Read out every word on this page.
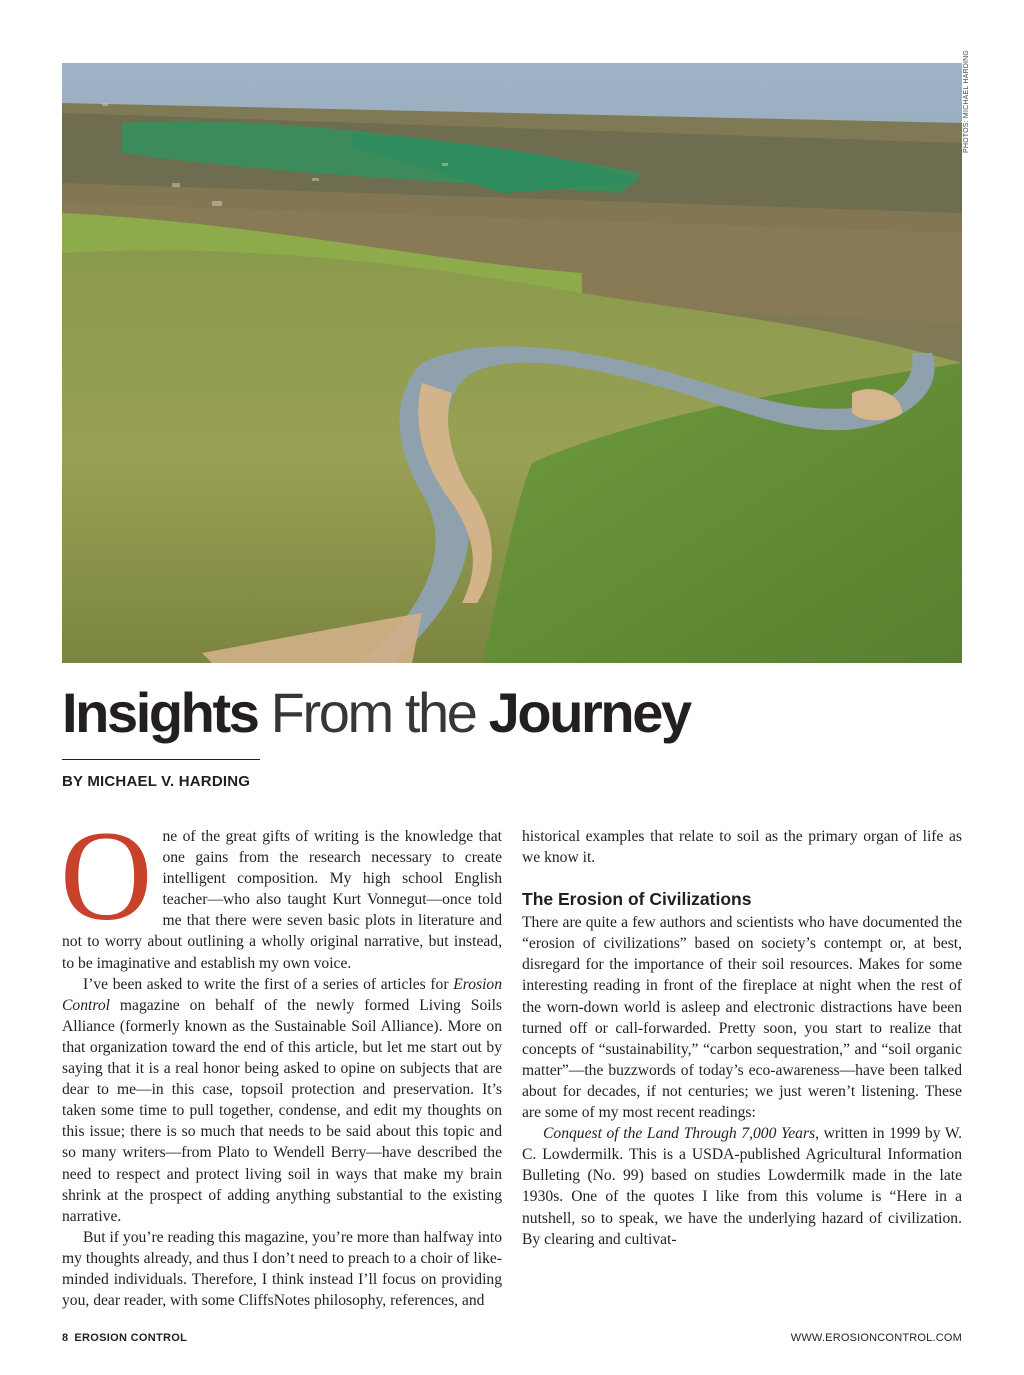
PHOTOS: MICHAEL HARDING
Insights From the Journey
BY MICHAEL V. HARDING

One of the great gifts of writing is the knowledge that one gains from the research necessary to create intelligent composition. My high school English teacher—who also taught Kurt Vonnegut—once told me that there were seven basic plots in literature and not to worry about outlining a wholly original narrative, but instead, to be imaginative and establish my own voice.

I’ve been asked to write the first of a series of articles for Erosion Control magazine on behalf of the newly formed Living Soils Alliance (formerly known as the Sustainable Soil Alliance). More on that organization toward the end of this article, but let me start out by saying that it is a real honor being asked to opine on subjects that are dear to me—in this case, topsoil protection and preservation. It’s taken some time to pull together, condense, and edit my thoughts on this issue; there is so much that needs to be said about this topic and so many writers—from Plato to Wendell Berry—have described the need to respect and protect living soil in ways that make my brain shrink at the prospect of adding anything substantial to the existing narrative.

But if you’re reading this magazine, you’re more than halfway into my thoughts already, and thus I don’t need to preach to a choir of like-minded individuals. Therefore, I think instead I’ll focus on providing you, dear reader, with some CliffsNotes philosophy, references, and

historical examples that relate to soil as the primary organ of life as we know it.

The Erosion of Civilizations

There are quite a few authors and scientists who have documented the “erosion of civilizations” based on society’s contempt or, at best, disregard for the importance of their soil resources. Makes for some interesting reading in front of the fireplace at night when the rest of the worn-down world is asleep and electronic distractions have been turned off or call-forwarded. Pretty soon, you start to realize that concepts of “sustainability,” “carbon sequestration,” and “soil organic matter”—the buzzwords of today’s eco-awareness—have been talked about for decades, if not centuries; we just weren’t listening. These are some of my most recent readings:

Conquest of the Land Through 7,000 Years, written in 1999 by W. C. Lowdermilk. This is a USDA-published Agricultural Information Bulleting (No. 99) based on studies Lowdermilk made in the late 1930s. One of the quotes I like from this volume is “Here in a nutshell, so to speak, we have the underlying hazard of civilization. By clearing and cultivat-

8 EROSION CONTROL	WWW.EROSIONCONTROL.COM
